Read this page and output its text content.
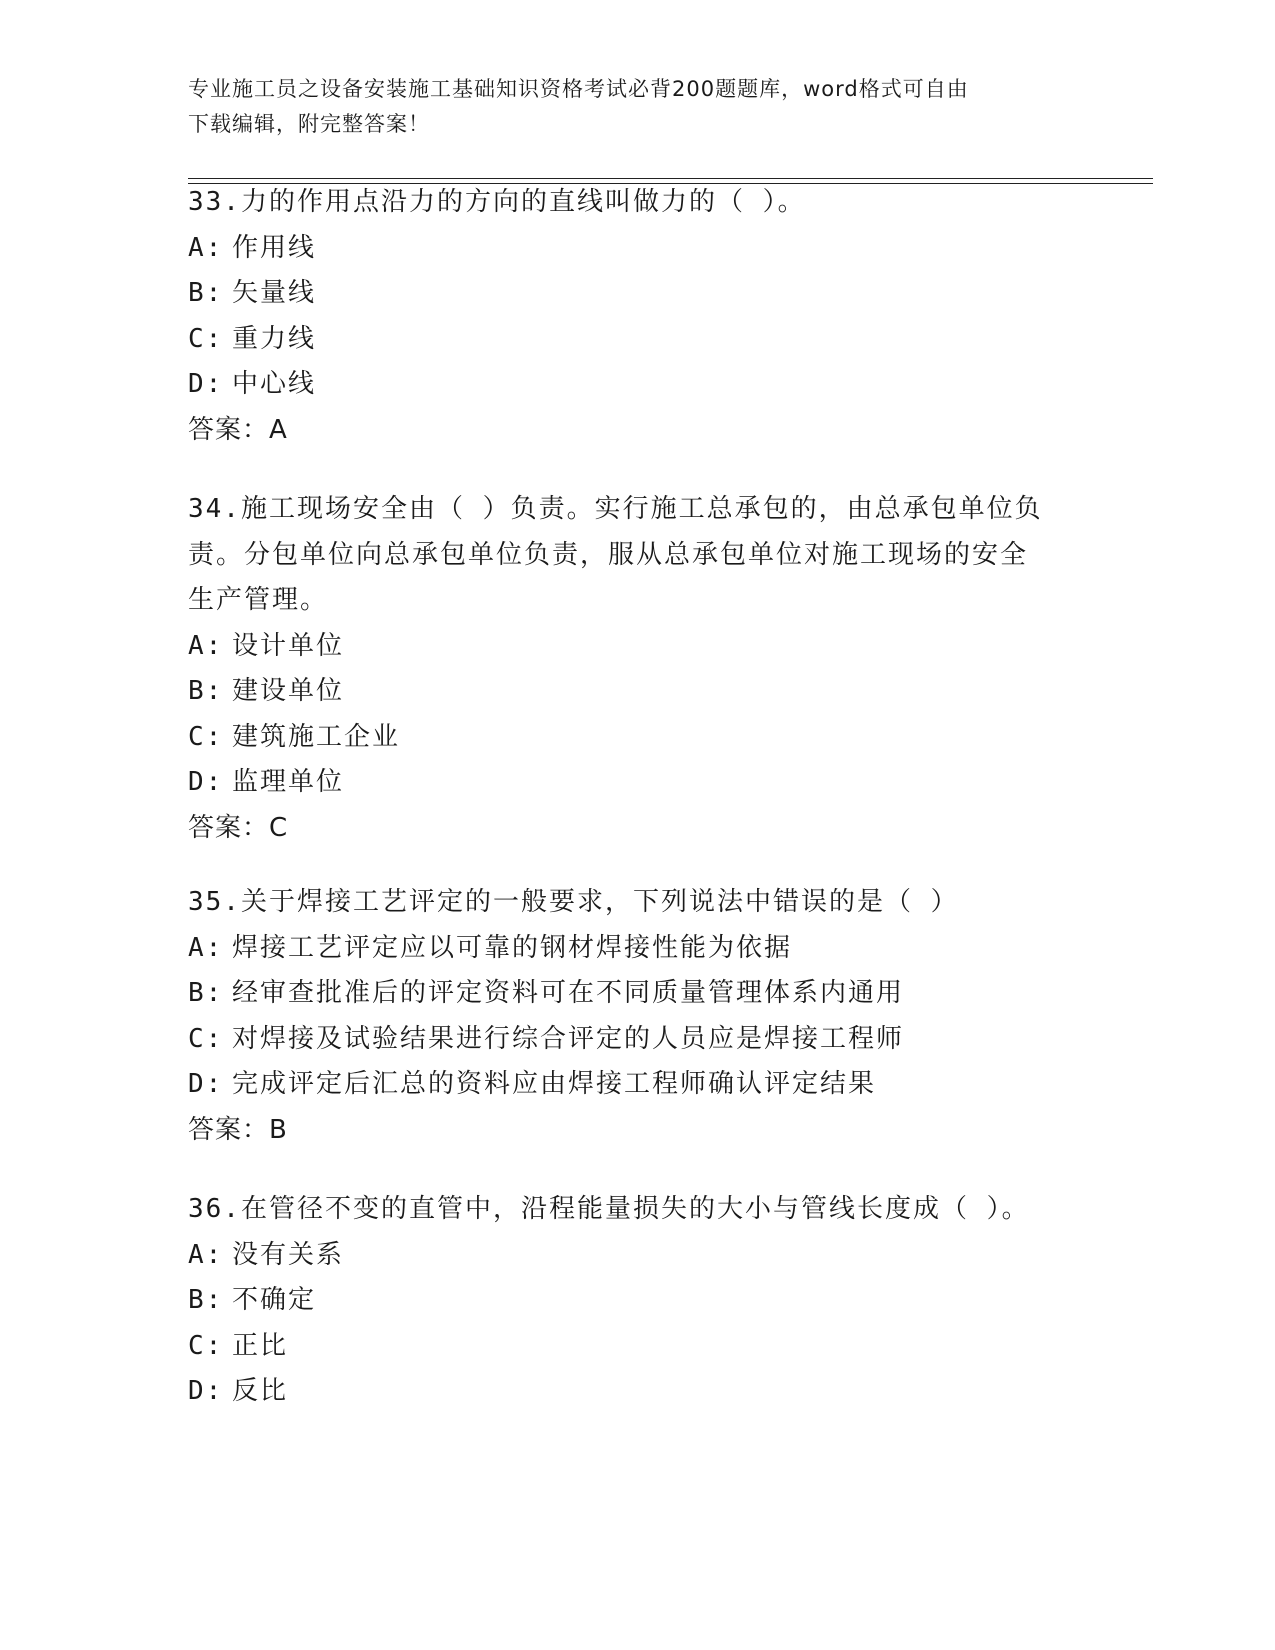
专业施工员之设备安装施工基础知识资格考试必背200题题库，word格式可自由
下载编辑，附完整答案！
33.力的作用点沿力的方向的直线叫做力的（ ）。
A: 作用线
B: 矢量线
C: 重力线
D: 中心线
答案：A
34.施工现场安全由（ ）负责。实行施工总承包的，由总承包单位负
责。分包单位向总承包单位负责，服从总承包单位对施工现场的安全
生产管理。
A: 设计单位
B: 建设单位
C: 建筑施工企业
D: 监理单位
答案：C
35.关于焊接工艺评定的一般要求，下列说法中错误的是（ ）
A: 焊接工艺评定应以可靠的钢材焊接性能为依据
B: 经审查批准后的评定资料可在不同质量管理体系内通用
C: 对焊接及试验结果进行综合评定的人员应是焊接工程师
D: 完成评定后汇总的资料应由焊接工程师确认评定结果
答案：B
36.在管径不变的直管中，沿程能量损失的大小与管线长度成（ ）。
A: 没有关系
B: 不确定
C: 正比
D: 反比
